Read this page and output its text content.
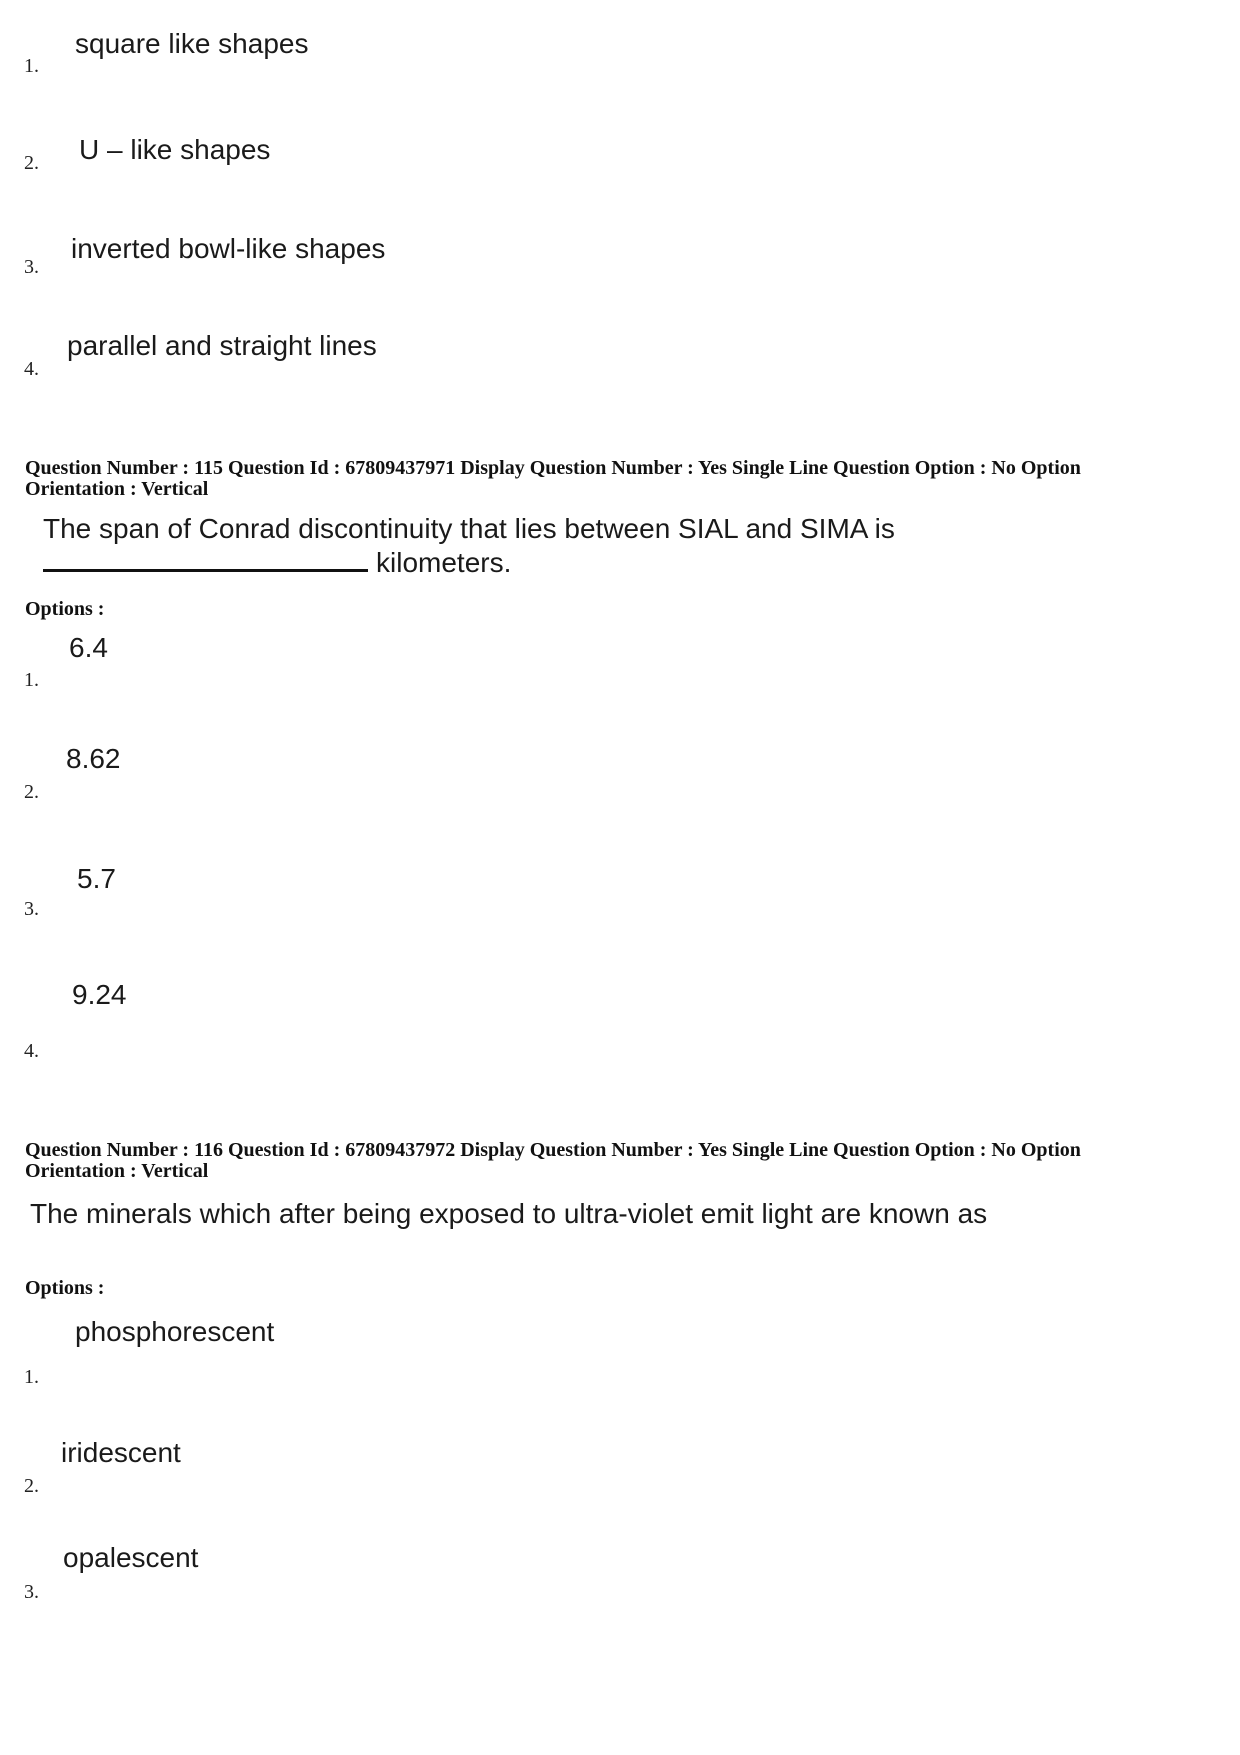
square like shapes
1.
U – like shapes
2.
inverted bowl-like shapes
3.
parallel and straight lines
4.
Question Number : 115 Question Id : 67809437971 Display Question Number : Yes Single Line Question Option : No Option
Orientation : Vertical
The span of Conrad discontinuity that lies between SIAL and SIMA is
kilometers.
Options :
6.4
1.
8.62
2.
5.7
3.
9.24
4.
Question Number : 116 Question Id : 67809437972 Display Question Number : Yes Single Line Question Option : No Option
Orientation : Vertical
The minerals which after being exposed to ultra-violet emit light are known as
Options :
phosphorescent
1.
iridescent
2.
opalescent
3.
